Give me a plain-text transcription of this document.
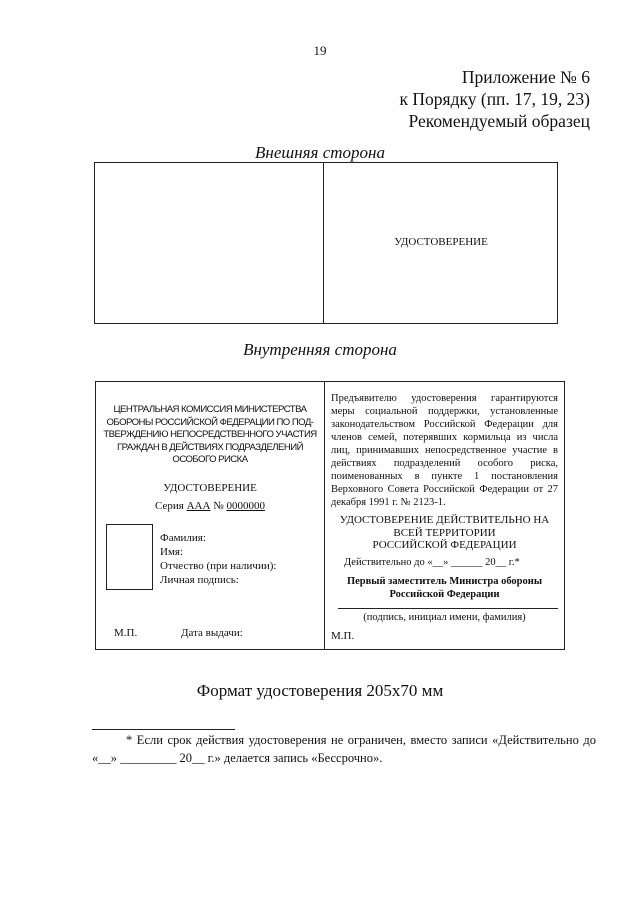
19
Приложение № 6
к Порядку (пп. 17, 19, 23)
Рекомендуемый образец
Внешняя сторона
УДОСТОВЕРЕНИЕ
Внутренняя сторона
ЦЕНТРАЛЬНАЯ КОМИССИЯ МИНИСТЕРСТВА
ОБОРОНЫ РОССИЙСКОЙ ФЕДЕРАЦИИ ПО ПОД-
ТВЕРЖДЕНИЮ НЕПОСРЕДСТВЕННОГО УЧАСТИЯ
ГРАЖДАН В ДЕЙСТВИЯХ ПОДРАЗДЕЛЕНИЙ
ОСОБОГО РИСКА
УДОСТОВЕРЕНИЕ
Серия ААА № 0000000
Фамилия:
Имя:
Отчество (при наличии):
Личная подпись:
М.П.	Дата выдачи:
Предъявителю удостоверения гарантируются меры социальной поддержки, установленные законодательством Российской Федерации для членов семей, потерявших кормильца из числа лиц, принимавших непосредственное участие в действиях подразделений особого риска, поименованных в пункте 1 постановления Верховного Совета Российской Федерации от 27 декабря 1991 г. № 2123-1.
УДОСТОВЕРЕНИЕ ДЕЙСТВИТЕЛЬНО НА
ВСЕЙ ТЕРРИТОРИИ
РОССИЙСКОЙ ФЕДЕРАЦИИ
Действительно до «__» ______ 20__ г.*
Первый заместитель Министра обороны
Российской Федерации
(подпись, инициал имени, фамилия)
М.П.
Формат удостоверения 205x70 мм
* Если срок действия удостоверения не ограничен, вместо записи «Действительно до «__» _________ 20__ г.» делается запись «Бессрочно».
